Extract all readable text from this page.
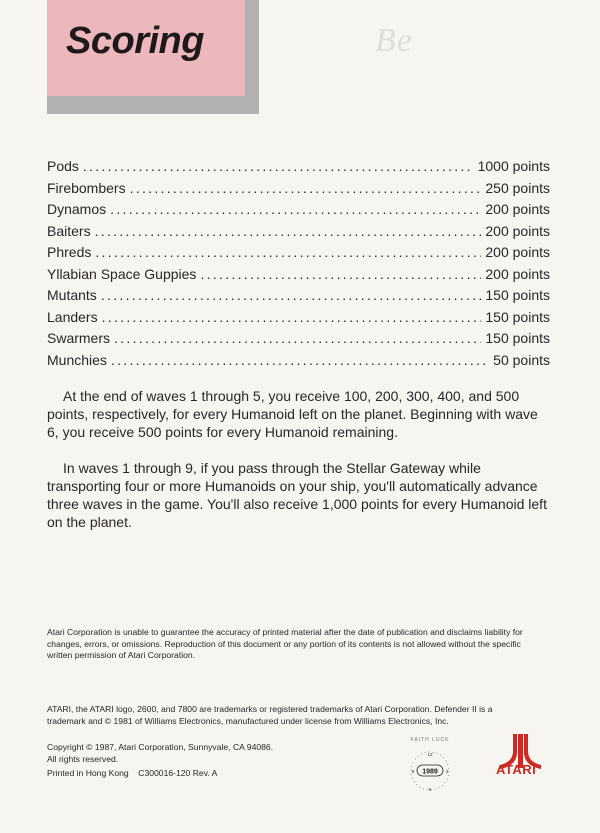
Be
Scoring
Pods .....	1000 points
Firebombers .....	250 points
Dynamos .....	200 points
Baiters .....	200 points
Phreds .....	200 points
Yllabian Space Guppies .....	200 points
Mutants .....	150 points
Landers .....	150 points
Swarmers .....	150 points
Munchies .....	50 points

At the end of waves 1 through 5, you receive 100, 200, 300, 400, and 500 points, respectively, for every Humanoid left on the planet. Beginning with wave 6, you receive 500 points for every Humanoid remaining.

In waves 1 through 9, if you pass through the Stellar Gateway while transporting four or more Humanoids on your ship, you'll automatically advance three waves in the game. You'll also receive 1,000 points for every Humanoid left on the planet.

Atari Corporation is unable to guarantee the accuracy of printed material after the date of publication and disclaims liability for changes, errors, or omissions. Reproduction of this document or any portion of its contents is not allowed without the specific written permission of Atari Corporation.

ATARI, the ATARI logo, 2600, and 7800 are trademarks or registered trademarks of Atari Corporation. Defender II is a trademark and © 1981 of Williams Electronics, manufactured under license from Williams Electronics, Inc.

Copyright © 1987, Atari Corporation, Sunnyvale, CA 94086.
All rights reserved.

Printed in Hong Kong    C300016-120 Rev. A

FAITH LUCK
12
6
9	3
1989	ATARI
